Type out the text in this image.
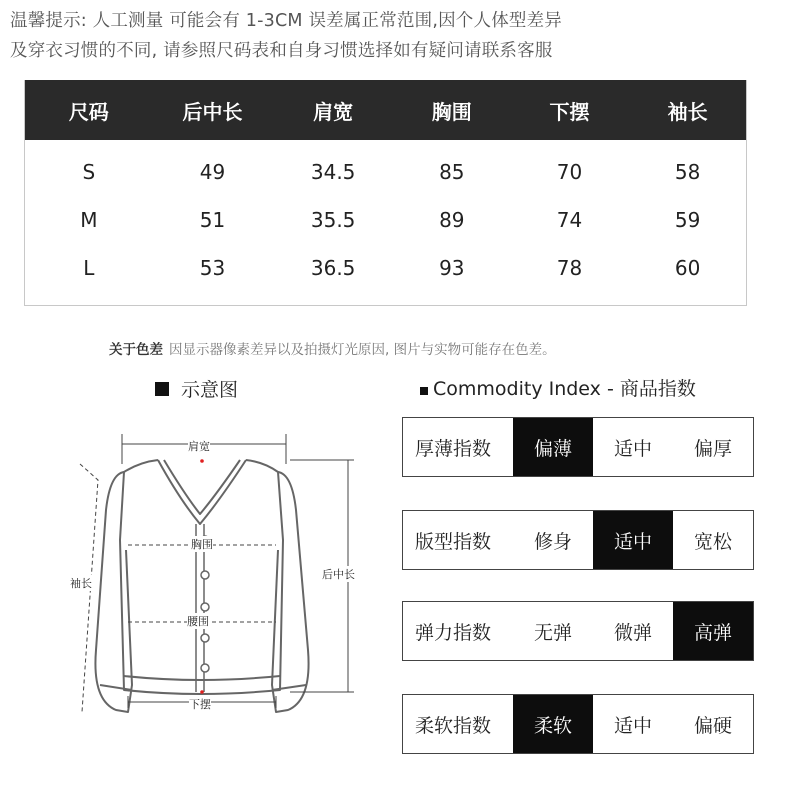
温馨提示: 人工测量 可能会有 1-3CM 误差属正常范围,因个人体型差异
及穿衣习惯的不同, 请参照尺码表和自身习惯选择如有疑问请联系客服
尺码	后中长	肩宽	胸围	下摆	袖长
S	49	34.5	85	70	58
M	51	35.5	89	74	59
L	53	36.5	93	78	60
关于色差 因显示器像素差异以及拍摄灯光原因, 图片与实物可能存在色差。
示意图	Commodity Index - 商品指数
肩宽
胸围
腰围
下摆
袖长
后中长
厚薄指数	偏薄	适中	偏厚
版型指数	修身	适中	宽松
弹力指数	无弹	微弹	高弹
柔软指数	柔软	适中	偏硬
